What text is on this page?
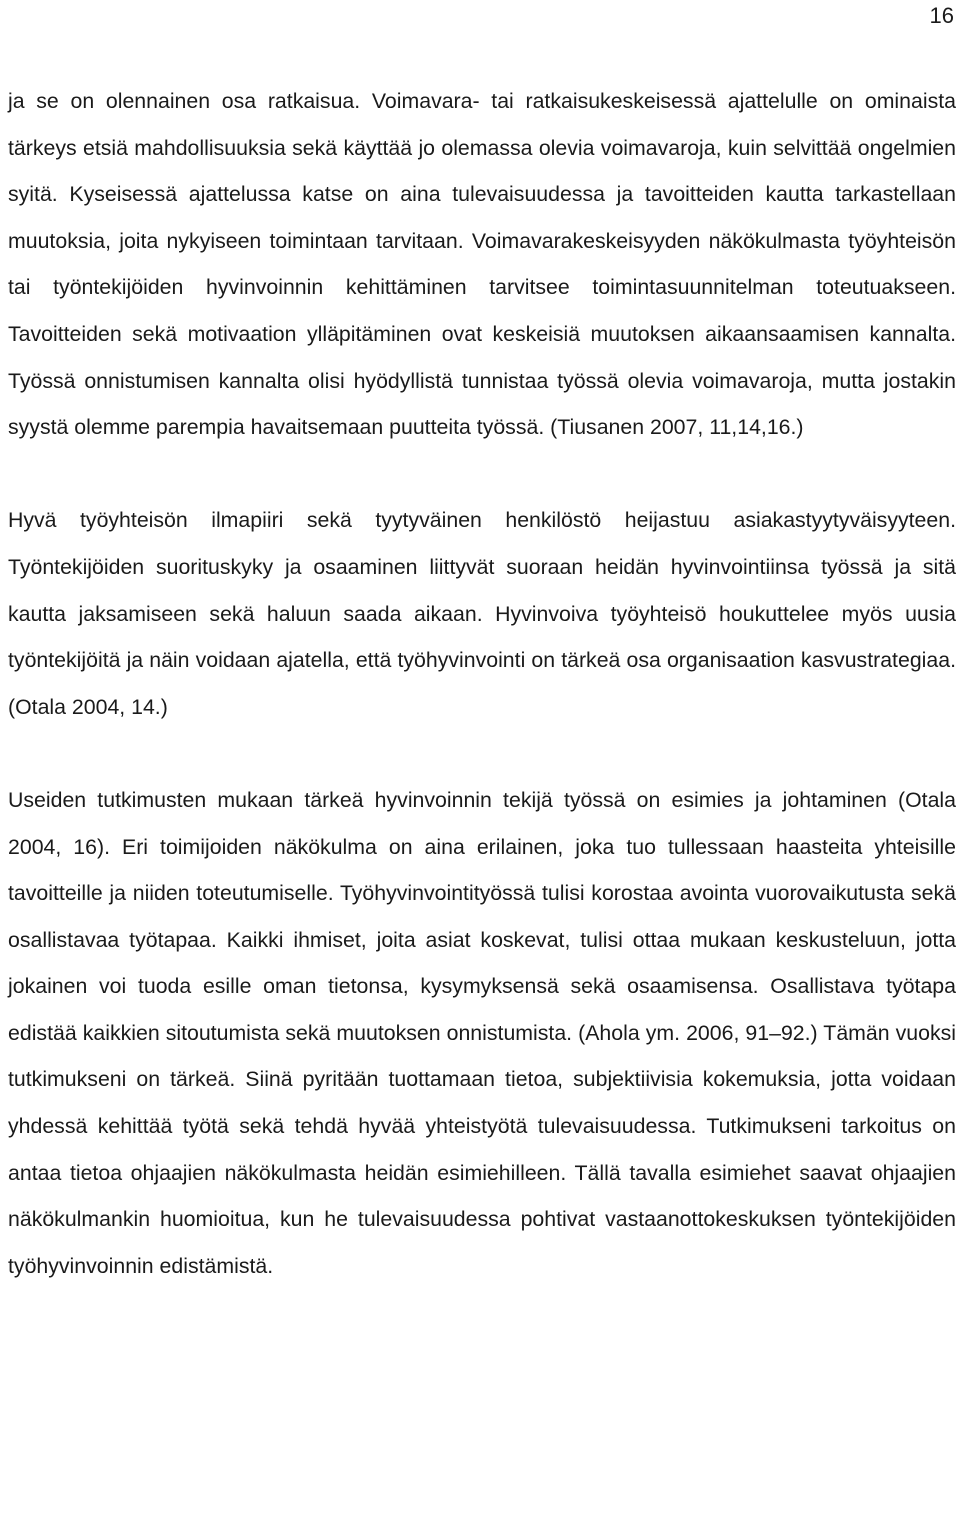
16

ja se on olennainen osa ratkaisua. Voimavara- tai ratkaisukeskeisessä ajattelulle on ominaista tärkeys etsiä mahdollisuuksia sekä käyttää jo olemassa olevia voimavaroja, kuin selvittää ongelmien syitä. Kyseisessä ajattelussa katse on aina tulevaisuudessa ja tavoitteiden kautta tarkastellaan muutoksia, joita nykyiseen toimintaan tarvitaan. Voimavarakeskeisyyden näkökulmasta työyhteisön tai työntekijöiden hyvinvoinnin kehittäminen tarvitsee toimintasuunnitelman toteutuakseen. Tavoitteiden sekä motivaation ylläpitäminen ovat keskeisiä muutoksen aikaansaamisen kannalta. Työssä onnistumisen kannalta olisi hyödyllistä tunnistaa työssä olevia voimavaroja, mutta jostakin syystä olemme parempia havaitsemaan puutteita työssä. (Tiusanen 2007, 11,14,16.)

Hyvä työyhteisön ilmapiiri sekä tyytyväinen henkilöstö heijastuu asiakastyytyväisyyteen. Työntekijöiden suorituskyky ja osaaminen liittyvät suoraan heidän hyvinvointiinsa työssä ja sitä kautta jaksamiseen sekä haluun saada aikaan. Hyvinvoiva työyhteisö houkuttelee myös uusia työntekijöitä ja näin voidaan ajatella, että työhyvinvointi on tärkeä osa organisaation kasvustrategiaa. (Otala 2004, 14.)

Useiden tutkimusten mukaan tärkeä hyvinvoinnin tekijä työssä on esimies ja johtaminen (Otala 2004, 16). Eri toimijoiden näkökulma on aina erilainen, joka tuo tullessaan haasteita yhteisille tavoitteille ja niiden toteutumiselle. Työhyvinvointityössä tulisi korostaa avointa vuorovaikutusta sekä osallistavaa työtapaa. Kaikki ihmiset, joita asiat koskevat, tulisi ottaa mukaan keskusteluun, jotta jokainen voi tuoda esille oman tietonsa, kysymyksensä sekä osaamisensa. Osallistava työtapa edistää kaikkien sitoutumista sekä muutoksen onnistumista. (Ahola ym. 2006, 91–92.) Tämän vuoksi tutkimukseni on tärkeä. Siinä pyritään tuottamaan tietoa, subjektiivisia kokemuksia, jotta voidaan yhdessä kehittää työtä sekä tehdä hyvää yhteistyötä tulevaisuudessa. Tutkimukseni tarkoitus on antaa tietoa ohjaajien näkökulmasta heidän esimiehilleen. Tällä tavalla esimiehet saavat ohjaajien näkökulmankin huomioitua, kun he tulevaisuudessa pohtivat vastaanottokeskuksen työntekijöiden työhyvinvoinnin edistämistä.
